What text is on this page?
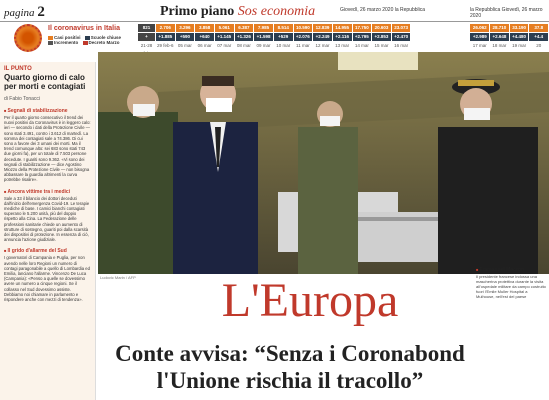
pagina 2	Primo piano Sos economia	Giovedì, 26 marzo 2020 la Repubblica	la Repubblica Giovedì, 26 marzo 2020
Il coronavirus in Italia
Casi positivi Scuole chiuse
Incremento Decreto Marzo
821	2.706	3.296	3.858	5.061	6.387	7.985	8.514	10.590	12.839	14.955	17.750	20.603	23.073	26.062	28.710	33.190	37.8
+	+1.885	+590	+640	+1.145	+1.326	+1.598	+529	+2.076	+2.249	+2.116	+2.795	+2.853	+2.470	+2.989	+2.648	+4.480	+4.4
21-28	29 feb-6 05 mar	06 mar	07 mar	08 mar	09 mar	10 mar	11 mar	12 mar	13 mar	14 mar	15 mar	16 mar	17 mar	18 mar	19 mar	20
IL PUNTO
Quarto giorno di calo per morti e contagiati
di Fabio Tonacci
■ Segnali di stabilizzazione

Per il quarto giorno consecutivo il trend dei nuovi positivi da Coronavirus è in leggero calo: ieri — secondo i dati della Protezione Civile — sono stati 3.491, contro i 3.612 di martedì. La somma dei contagiati sale a 74.386. Di cui sono a favore dei 3 umani dei morti. Ma il trend comunque alto: sei 683 sono stati 743 due giorni fa), per un totale di 7.503 persone decedute. I guariti sono 9.362. «Vi sono dei segnali di stabilizzazione — dice Agostino Miozzo della Protezione Civile — non bisogna abbassare la guardia altrimenti la curva potrebbe risalire».

■ Ancora vittime tra i medici

Sale a 33 il bilancio dei dottori deceduti dall'inizio dell'emergenza Covid-19. Le terapie mediche di base. I camici bianchi contagiati superano le 5.200 unità, più del doppio rispetto alla Cina. La Federazione delle professioni sanitarie chiede un aumento di strutture di sostegno, guariti poi dalla scarsità dei dispositivi di protezione. In essenza di ciò, annuncia l'azione giudiziale.

■ Il grido d'allarme del Sud

I governatori di Campania e Puglia, per non avendo nelle loro Regioni un numero di contagi paragonabile a quello di Lombardia ed Emilia, lanciano l'allarme. Vincenzo De Luca (Campania): «Penso a quelle se dovessimo avere un numero a cinque regioni. Se il collasso nel Sud dovessimo assiste. Debbiamo noi chiamare in parlamento e rispondere anche con mezzi di tendenza».

Ludovic Marin / AFP
■ Emmanuel Macron
Il presidente francese indossa una mascherina protettiva durante la visita all'ospedale militare da campo costruito fuori l'Emile Muller Hospital a Mulhouse, nell'est del paese
L'Europa
Conte avvisa: “Senza i Coronabond l'Unione rischia il tracollo”
